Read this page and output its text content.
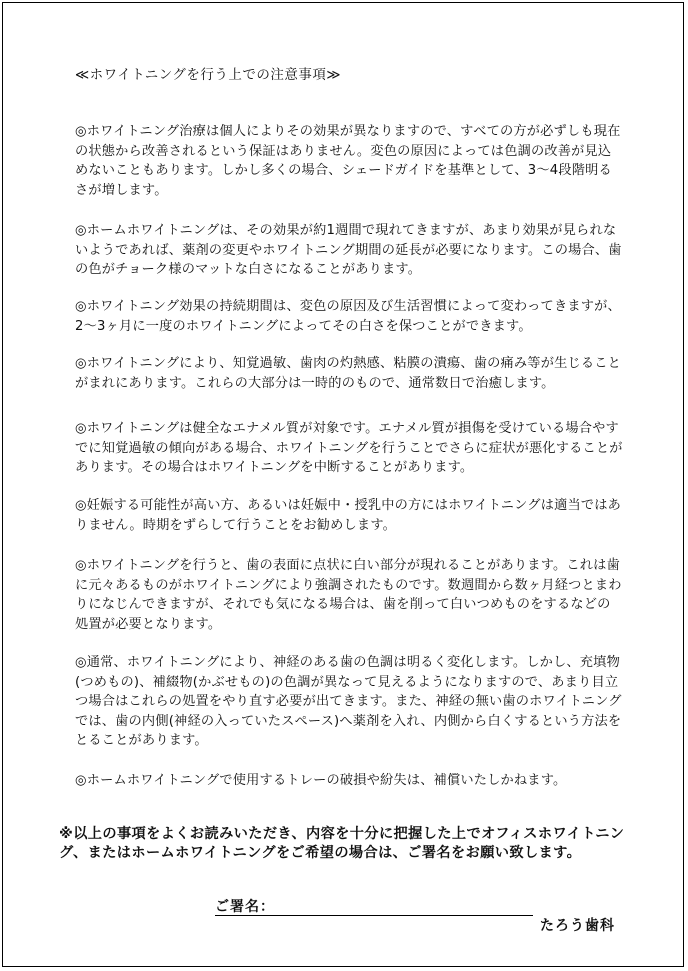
≪ホワイトニングを行う上での注意事項≫

◎ホワイトニング治療は個人によりその効果が異なりますので、すべての方が必ずしも現在の状態から改善されるという保証はありません。変色の原因によっては色調の改善が見込めないこともあります。しかし多くの場合、シェードガイドを基準として、3～4段階明るさが増します。

◎ホームホワイトニングは、その効果が約1週間で現れてきますが、あまり効果が見られないようであれば、薬剤の変更やホワイトニング期間の延長が必要になります。この場合、歯の色がチョーク様のマットな白さになることがあります。

◎ホワイトニング効果の持続期間は、変色の原因及び生活習慣によって変わってきますが、2～3ヶ月に一度のホワイトニングによってその白さを保つことができます。

◎ホワイトニングにより、知覚過敏、歯肉の灼熱感、粘膜の潰瘍、歯の痛み等が生じることがまれにあります。これらの大部分は一時的のもので、通常数日で治癒します。

◎ホワイトニングは健全なエナメル質が対象です。エナメル質が損傷を受けている場合やすでに知覚過敏の傾向がある場合、ホワイトニングを行うことでさらに症状が悪化することがあります。その場合はホワイトニングを中断することがあります。

◎妊娠する可能性が高い方、あるいは妊娠中・授乳中の方にはホワイトニングは適当ではありません。時期をずらして行うことをお勧めします。

◎ホワイトニングを行うと、歯の表面に点状に白い部分が現れることがあります。これは歯に元々あるものがホワイトニングにより強調されたものです。数週間から数ヶ月経つとまわりになじんできますが、それでも気になる場合は、歯を削って白いつめものをするなどの処置が必要となります。

◎通常、ホワイトニングにより、神経のある歯の色調は明るく変化します。しかし、充填物(つめもの)、補綴物(かぶせもの)の色調が異なって見えるようになりますので、あまり目立つ場合はこれらの処置をやり直す必要が出てきます。また、神経の無い歯のホワイトニングでは、歯の内側(神経の入っていたスペース)へ薬剤を入れ、内側から白くするという方法をとることがあります。

◎ホームホワイトニングで使用するトレーの破損や紛失は、補償いたしかねます。

※以上の事項をよくお読みいただき、内容を十分に把握した上でオフィスホワイトニング、またはホームホワイトニングをご希望の場合は、ご署名をお願い致します。

ご署名：
たろう歯科
